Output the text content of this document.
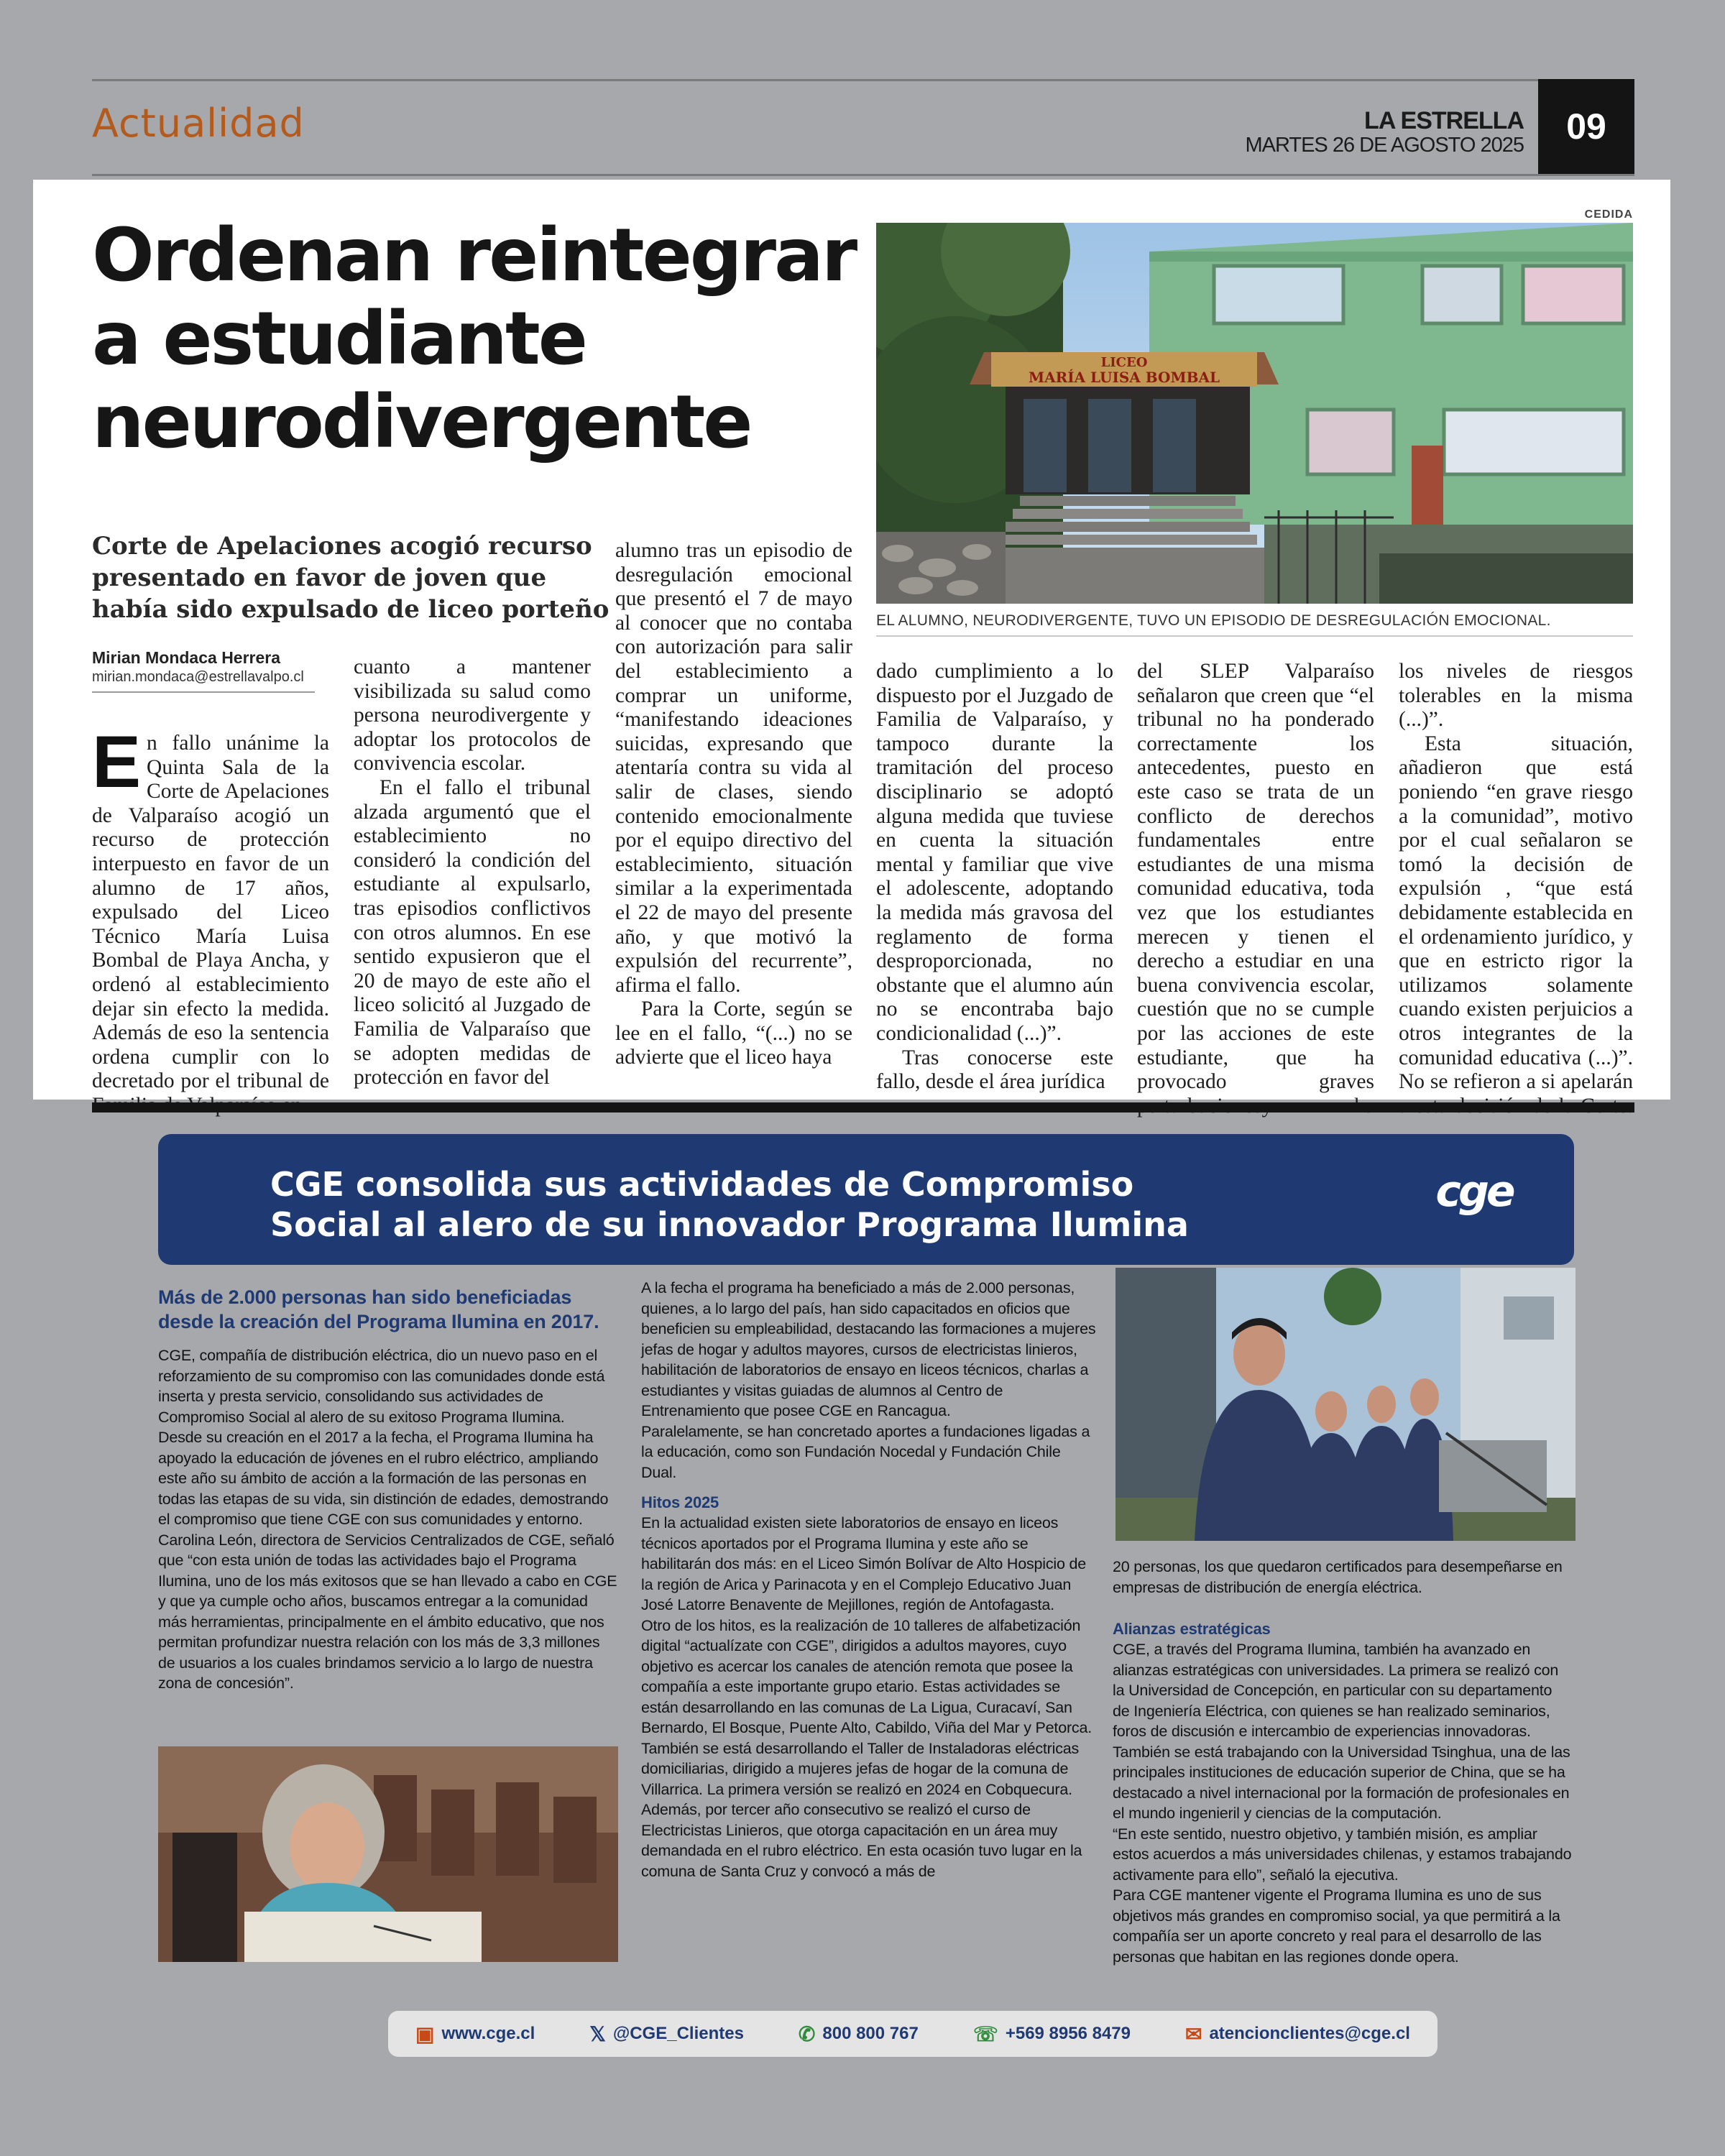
Actualidad	LA ESTRELLA
MARTES 26 DE AGOSTO 2025	09
Ordenan reintegrar
a estudiante
neurodivergente
CEDIDA
LICEO
MARÍA LUISA BOMBAL
EL ALUMNO, NEURODIVERGENTE, TUVO UN EPISODIO DE DESREGULACIÓN EMOCIONAL.
Corte de Apelaciones acogió recurso presentado en favor de joven que había sido expulsado de liceo porteño
Mirian Mondaca Herrera
mirian.mondaca@estrellavalpo.cl

En fallo unánime la Quinta Sala de la Corte de Apelaciones de Valparaíso acogió un recurso de protección interpuesto en favor de un alumno de 17 años, expulsado del Liceo Técnico María Luisa Bombal de Playa Ancha, y ordenó al establecimiento dejar sin efecto la medida. Además de eso la sentencia ordena cumplir con lo decretado por el tribunal de

cuanto a mantener visibilizada su salud como persona neurodivergente y adoptar los protocolos de convivencia escolar.

En el fallo el tribunal alzada argumentó que el establecimiento no consideró la condición del estudiante al expulsarlo, tras episodios conflictivos con otros alumnos. En ese sentido expusieron que el 20 de mayo de este año el liceo solicitó al Juzgado de Familia de Valparaíso que se adopten medidas de protección en favor del

alumno tras un episodio de desregulación emocional que presentó el 7 de mayo al conocer que no contaba con autorización para salir del establecimiento a comprar un uniforme, “manifestando ideaciones suicidas, expresando que atentaría contra su vida al salir de clases, siendo contenido emocionalmente por el equipo directivo del establecimiento, situación similar a la experimentada el 22 de mayo del presente año, y que motivó la expulsión del recurrente”, afirma el fallo.

Para la Corte, según se lee en el fallo, “(...) no se advierte que el liceo haya

dado cumplimiento a lo dispuesto por el Juzgado de Familia de Valparaíso, y tampoco durante la tramitación del proceso disciplinario se adoptó alguna medida que tuviese en cuenta la situación mental y familiar que vive el adolescente, adoptando la medida más gravosa del reglamento de forma desproporcionada, no obstante que el alumno aún no se encontraba bajo condicionalidad (...)”.

Tras conocerse este fallo, desde el área jurídica

del SLEP Valparaíso señalaron que creen que “el tribunal no ha ponderado correctamente los antecedentes, puesto en este caso se trata de un conflicto de derechos fundamentales entre estudiantes de una misma comunidad educativa, toda vez que los estudiantes merecen y tienen el derecho a estudiar en una buena convivencia escolar, cuestión que no se cumple por las acciones de este estudiante, que ha provocado graves

los niveles de riesgos tolerables en la misma (...)”.

Esta situación, añadieron que está poniendo “en grave riesgo a la comunidad”, motivo por el cual señalaron se tomó la decisión de expulsión , “que está debidamente establecida en el ordenamiento jurídico, y que en estricto rigor la utilizamos solamente cuando existen perjuicios a otros integrantes de la comunidad educativa (...)”. No se refieron a si apelarán

CGE consolida sus actividades de Compromiso
Social al alero de su innovador Programa Ilumina
cge

Más de 2.000 personas han sido beneficiadas desde la creación del Programa Ilumina en 2017.

CGE, compañía de distribución eléctrica, dio un nuevo paso en el reforzamiento de su compromiso con las comunidades donde está inserta y presta servicio, consolidando sus actividades de Compromiso Social al alero de su exitoso Programa Ilumina.

Desde su creación en el 2017 a la fecha, el Programa Ilumina ha apoyado la educación de jóvenes en el rubro eléctrico, ampliando este año su ámbito de acción a la formación de las personas en todas las etapas de su vida, sin distinción de edades, demostrando el compromiso que tiene CGE con sus comunidades y entorno.

Carolina León, directora de Servicios Centralizados de CGE, señaló que “con esta unión de todas las actividades bajo el Programa Ilumina, uno de los más exitosos que se han llevado a cabo en CGE y que ya cumple ocho años, buscamos entregar a la comunidad más herramientas, principalmente en el ámbito educativo, que nos permitan profundizar nuestra relación con los más de 3,3 millones de usuarios a los cuales brindamos servicio a lo largo de nuestra zona de concesión”.

A la fecha el programa ha beneficiado a más de 2.000 personas, quienes, a lo largo del país, han sido capacitados en oficios que beneficien su empleabilidad, destacando las formaciones a mujeres jefas de hogar y adultos mayores, cursos de electricistas linieros, habilitación de laboratorios de ensayo en liceos técnicos, charlas a estudiantes y visitas guiadas de alumnos al Centro de Entrenamiento que posee CGE en Rancagua.

Paralelamente, se han concretado aportes a fundaciones ligadas a la educación, como son Fundación Nocedal y Fundación Chile Dual.

Hitos 2025

En la actualidad existen siete laboratorios de ensayo en liceos técnicos aportados por el Programa Ilumina y este año se habilitarán dos más: en el Liceo Simón Bolívar de Alto Hospicio de la región de Arica y Parinacota y en el Complejo Educativo Juan José Latorre Benavente de Mejillones, región de Antofagasta.

Otro de los hitos, es la realización de 10 talleres de alfabetización digital “actualízate con CGE”, dirigidos a adultos mayores, cuyo objetivo es acercar los canales de atención remota que posee la compañía a este importante grupo etario. Estas actividades se están desarrollando en las comunas de La Ligua, Curacaví, San Bernardo, El Bosque, Puente Alto, Cabildo, Viña del Mar y Petorca.

También se está desarrollando el Taller de Instaladoras eléctricas domiciliarias, dirigido a mujeres jefas de hogar de la comuna de Villarrica. La primera versión se realizó en 2024 en Cobquecura. Además, por tercer año consecutivo se realizó el curso de Electricistas Linieros, que otorga capacitación en un área muy demandada en el rubro eléctrico. En esta ocasión tuvo lugar en la comuna de Santa Cruz y convocó a más de

20 personas, los que quedaron certificados para desempeñarse en empresas de distribución de energía eléctrica.

Alianzas estratégicas

CGE, a través del Programa Ilumina, también ha avanzado en alianzas estratégicas con universidades. La primera se realizó con la Universidad de Concepción, en particular con su departamento de Ingeniería Eléctrica, con quienes se han realizado seminarios, foros de discusión e intercambio de experiencias innovadoras.

También se está trabajando con la Universidad Tsinghua, una de las principales instituciones de educación superior de China, que se ha destacado a nivel internacional por la formación de profesionales en el mundo ingenieril y ciencias de la computación.

“En este sentido, nuestro objetivo, y también misión, es ampliar estos acuerdos a más universidades chilenas, y estamos trabajando activamente para ello”, señaló la ejecutiva.

Para CGE mantener vigente el Programa Ilumina es uno de sus objetivos más grandes en compromiso social, ya que permitirá a la compañía ser un aporte concreto y real para el desarrollo de las personas que habitan en las regiones donde opera.

▣ www.cge.cl	𝕏 @CGE_Clientes	✆ 800 800 767	☏ +569 8956 8479	✉ atencionclientes@cge.cl
